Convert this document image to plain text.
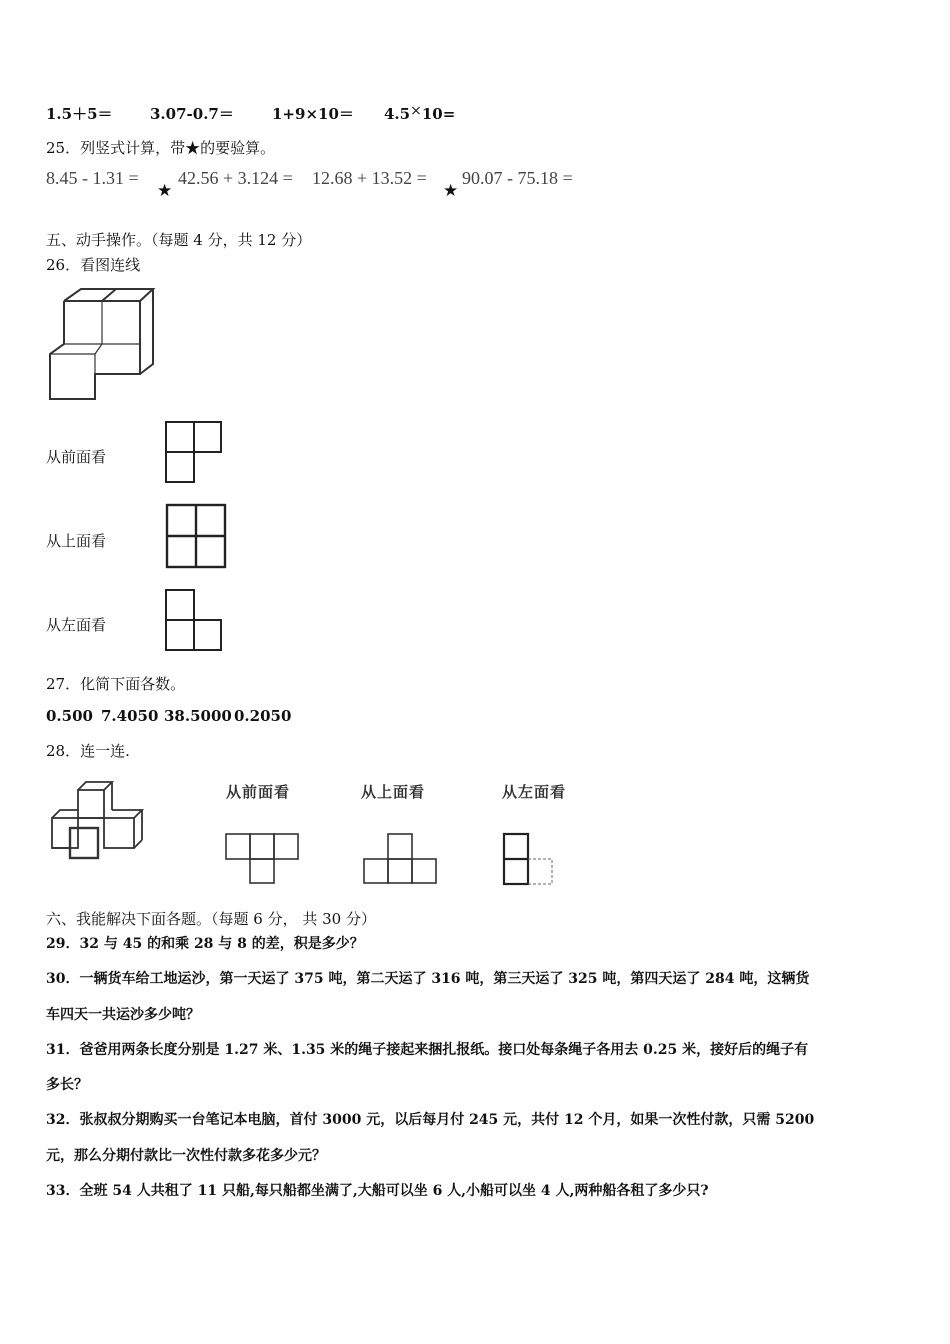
1.5＋5＝ 3.07-0.7＝	1+9×10＝ 4.5×10=
25．列竖式计算，带★的要验算。
8.45 - 1.31 =
★
42.56 + 3.124 = 12.68 + 13.52 =
★
90.07 - 75.18 =
五、动手操作。（每题 4 分，共 12 分）
26．看图连线
从前面看
从上面看
从左面看
27．化简下面各数。
0.500 7.4050 38.5000 0.2050
28．连一连.
从前面看	从上面看	从左面看
六、我能解决下面各题。（每题 6 分， 共 30 分）
29．32 与 45 的和乘 28 与 8 的差，积是多少？
30．一辆货车给工地运沙，第一天运了 375 吨，第二天运了 316 吨，第三天运了 325 吨，第四天运了 284 吨，这辆货
车四天一共运沙多少吨？
31．爸爸用两条长度分别是 1.27 米、1.35 米的绳子接起来捆扎报纸。接口处每条绳子各用去 0.25 米，接好后的绳子有
多长？
32．张叔叔分期购买一台笔记本电脑，首付 3000 元，以后每月付 245 元，共付 12 个月，如果一次性付款，只需 5200
元，那么分期付款比一次性付款多花多少元？
33．全班 54 人共租了 11 只船,每只船都坐满了,大船可以坐 6 人,小船可以坐 4 人,两种船各租了多少只?
